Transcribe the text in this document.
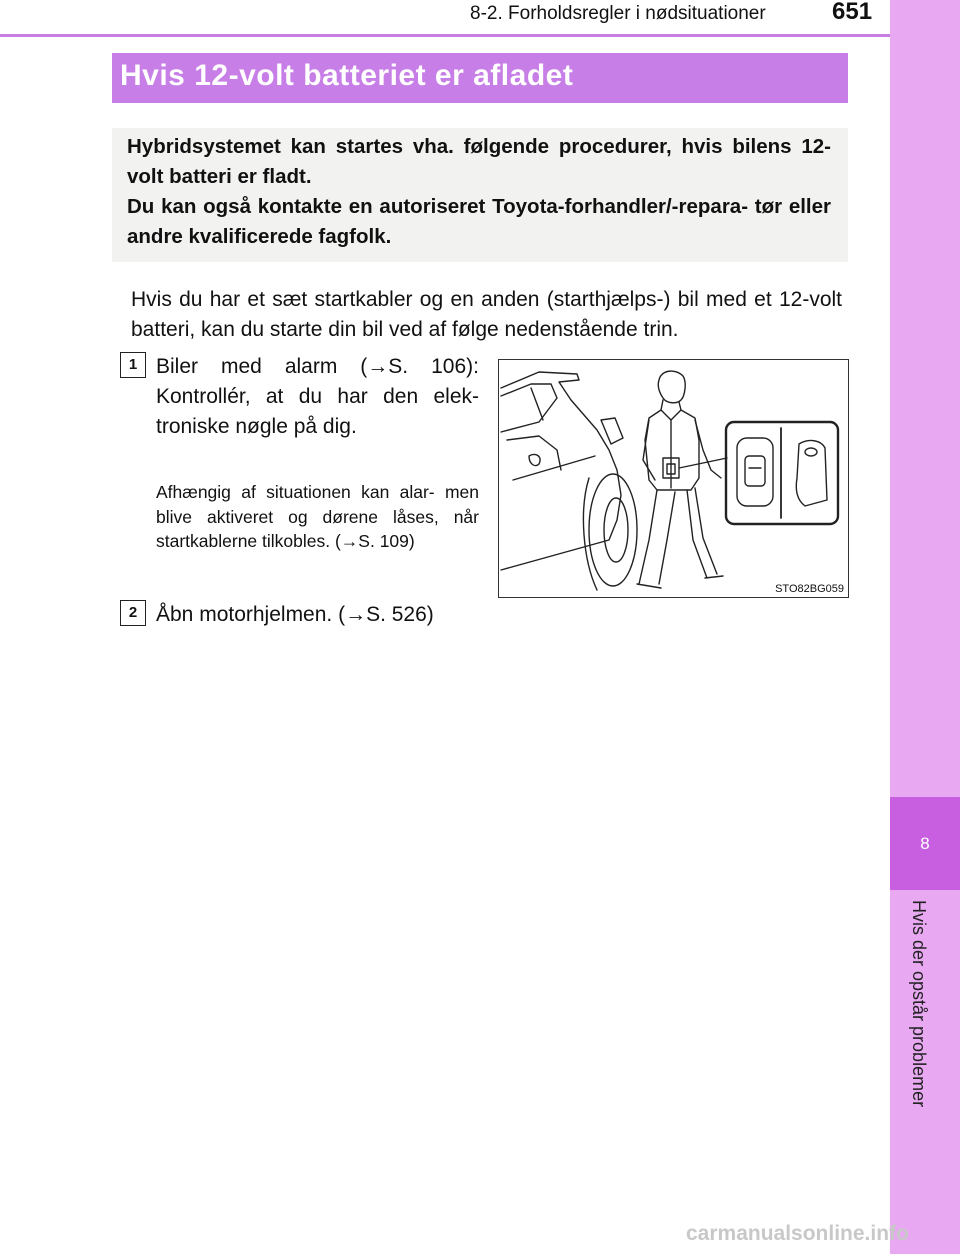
8-2. Forholdsregler i nødsituationer	651
8
Hvis der opstår problemer
Hvis 12-volt batteriet er afladet

Hybridsystemet kan startes vha. følgende procedurer, hvis bilens 12-volt batteri er fladt.

Du kan også kontakte en autoriseret Toyota-forhandler/-repara- tør eller andre kvalificerede fagfolk.

Hvis du har et sæt startkabler og en anden (starthjælps-) bil med et 12-volt batteri, kan du starte din bil ved af følge nedenstående trin.

1 Biler med alarm (→S. 106): Kontrollér, at du har den elek- troniske nøgle på dig.

Afhængig af situationen kan alar- men blive aktiveret og dørene låses, når startkablerne tilkobles. (→S. 109)

STO82BG059
2 Åbn motorhjelmen. (→S. 526)

carmanualsonline.info
